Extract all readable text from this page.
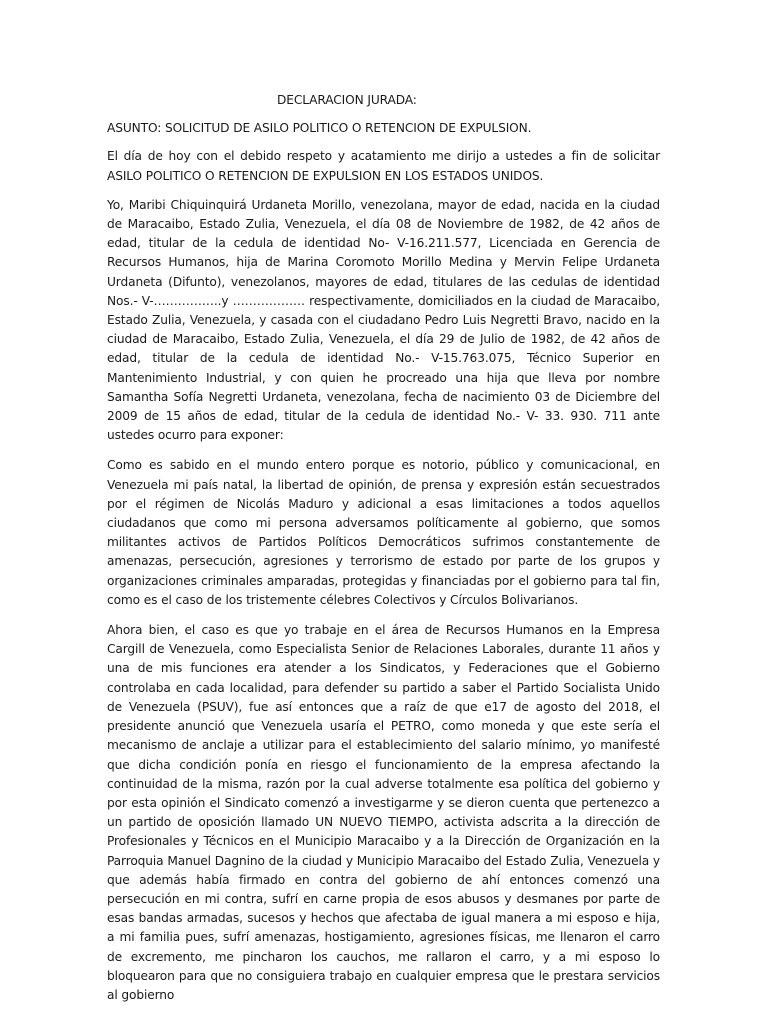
DECLARACION JURADA:

ASUNTO: SOLICITUD DE ASILO POLITICO O RETENCION DE EXPULSION.

El día de hoy con el debido respeto y acatamiento me dirijo a ustedes a fin de solicitar ASILO POLITICO O RETENCION DE EXPULSION EN LOS ESTADOS UNIDOS.

Yo, Maribi Chiquinquirá Urdaneta Morillo, venezolana, mayor de edad, nacida en la ciudad de Maracaibo, Estado Zulia, Venezuela, el día 08 de Noviembre de 1982, de 42 años de edad, titular de la cedula de identidad No- V-16.211.577, Licenciada en Gerencia de Recursos Humanos, hija de Marina Coromoto Morillo Medina y Mervin Felipe Urdaneta Urdaneta (Difunto), venezolanos, mayores de edad, titulares de las cedulas de identidad Nos.- V-……………..y ……………… respectivamente, domiciliados en la ciudad de Maracaibo, Estado Zulia, Venezuela, y casada con el ciudadano Pedro Luis Negretti Bravo, nacido en la ciudad de Maracaibo, Estado Zulia, Venezuela, el día 29 de Julio de 1982, de 42 años de edad, titular de la cedula de identidad No.- V-15.763.075, Técnico Superior en Mantenimiento Industrial, y con quien he procreado una hija que lleva por nombre Samantha Sofía Negretti Urdaneta, venezolana, fecha de nacimiento 03 de Diciembre del 2009 de 15 años de edad, titular de la cedula de identidad No.- V- 33. 930. 711 ante ustedes ocurro para exponer:

Como es sabido en el mundo entero porque es notorio, público y comunicacional, en Venezuela mi país natal, la libertad de opinión, de prensa y expresión están secuestrados por el régimen de Nicolás Maduro y adicional a esas limitaciones a todos aquellos ciudadanos que como mi persona adversamos políticamente al gobierno, que somos militantes activos de Partidos Políticos Democráticos sufrimos constantemente de amenazas, persecución, agresiones y terrorismo de estado por parte de los grupos y organizaciones criminales amparadas, protegidas y financiadas por el gobierno para tal fin, como es el caso de los tristemente célebres Colectivos y Círculos Bolivarianos.

Ahora bien, el caso es que yo trabaje en el área de Recursos Humanos en la Empresa Cargill de Venezuela, como Especialista Senior de Relaciones Laborales, durante 11 años y una de mis funciones era atender a los Sindicatos, y Federaciones que el Gobierno controlaba en cada localidad, para defender su partido a saber el Partido Socialista Unido de Venezuela (PSUV), fue así entonces que a raíz de que e17 de agosto del 2018, el presidente anunció que Venezuela usaría el PETRO, como moneda y que este sería el mecanismo de anclaje a utilizar para el establecimiento del salario mínimo, yo manifesté que dicha condición ponía en riesgo el funcionamiento de la empresa afectando la continuidad de la misma, razón por la cual adverse totalmente esa política del gobierno y por esta opinión el Sindicato comenzó a investigarme y se dieron cuenta que pertenezco a un partido de oposición llamado UN NUEVO TIEMPO, activista adscrita a la dirección de Profesionales y Técnicos en el Municipio Maracaibo y a la Dirección de Organización en la Parroquia Manuel Dagnino de la ciudad y Municipio Maracaibo del Estado Zulia, Venezuela y que además había firmado en contra del gobierno de ahí entonces comenzó una persecución en mi contra, sufrí en carne propia de esos abusos y desmanes por parte de esas bandas armadas, sucesos y hechos que afectaba de igual manera a mi esposo e hija, a mi familia pues, sufrí amenazas, hostigamiento, agresiones físicas, me llenaron el carro de excremento, me pincharon los cauchos, me rallaron el carro, y a mi esposo lo bloquearon para que no consiguiera trabajo en cualquier empresa que le prestara servicios al gobierno
